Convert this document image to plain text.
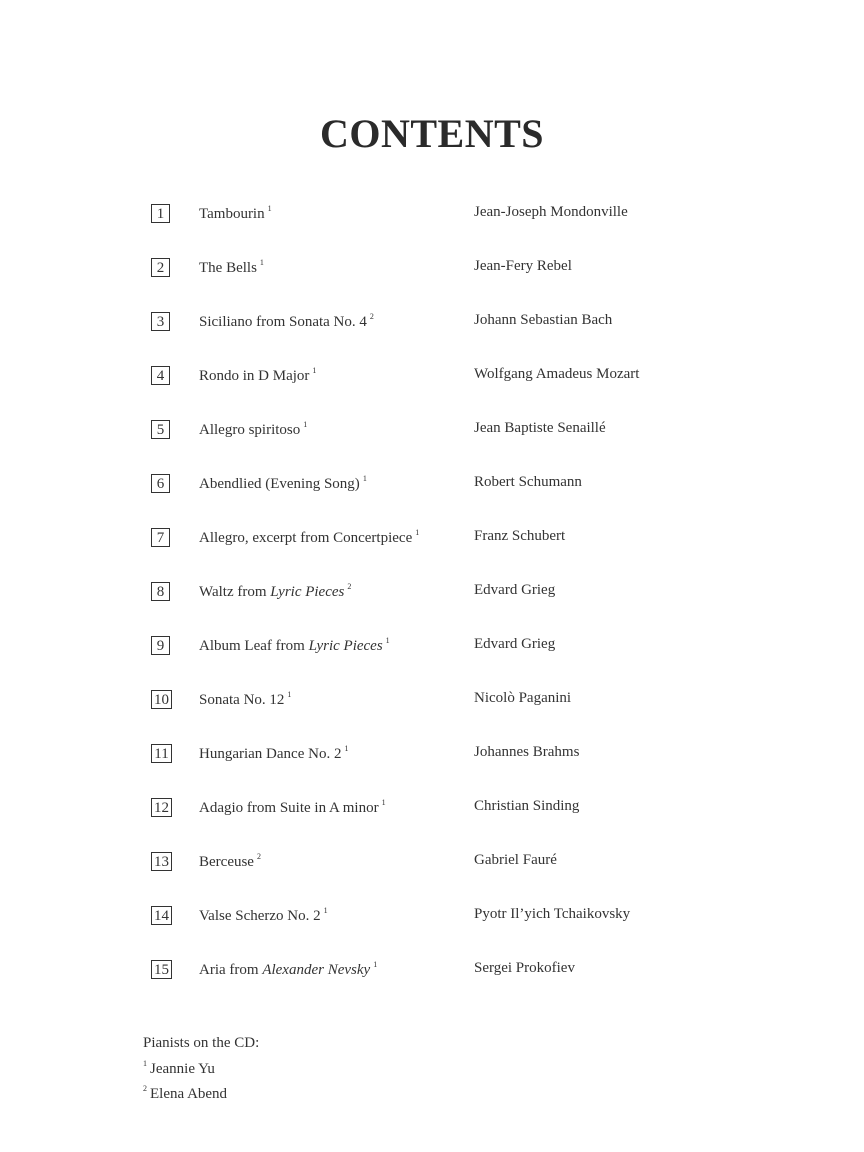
CONTENTS
1	Tambourin $^1$	Jean-Joseph Mondonville
2	The Bells $^1$	Jean-Fery Rebel
3	Siciliano from Sonata No. 4 $^2$	Johann Sebastian Bach
4	Rondo in D Major $^1$	Wolfgang Amadeus Mozart
5	Allegro spiritoso $^1$	Jean Baptiste Senaillé
6	Abendlied (Evening Song) $^1$	Robert Schumann
7	Allegro, excerpt from Concertpiece $^1$	Franz Schubert
8	Waltz from Lyric Pieces $^2$	Edvard Grieg
9	Album Leaf from Lyric Pieces $^1$	Edvard Grieg
10 Sonata No. 12 $^1$	Nicolò Paganini
11 Hungarian Dance No. 2 $^1$	Johannes Brahms
12 Adagio from Suite in A minor $^1$	Christian Sinding
13 Berceuse $^2$	Gabriel Fauré
14 Valse Scherzo No. 2 $^1$	Pyotr Il’yich Tchaikovsky
15 Aria from Alexander Nevsky $^1$	Sergei Prokofiev
Pianists on the CD:
$^1$ Jeannie Yu
$^2$ Elena Abend
